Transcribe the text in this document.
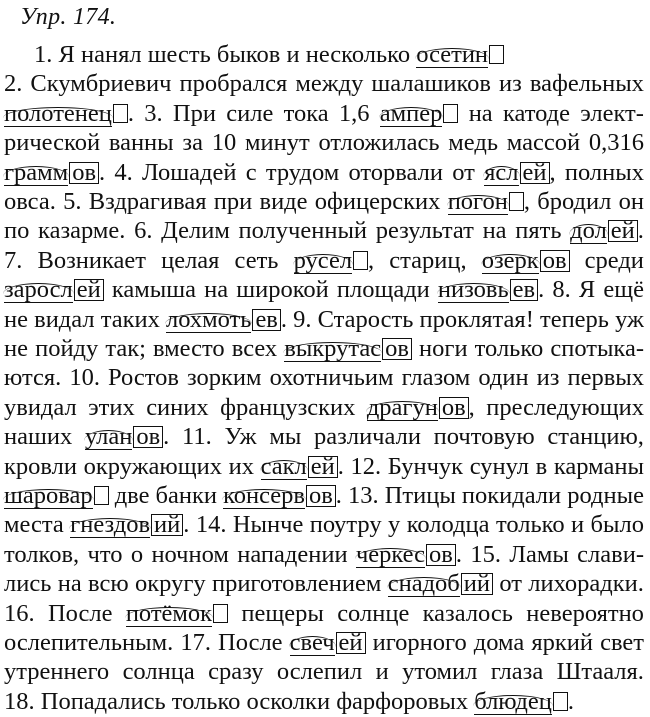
Упр. 174.
1. Я нанял шесть быков и несколько осетин
2. Скумбриевич пробрался между шалашиков из вафельных
полотенец . 3. При силе тока 1,6 ампер	на катоде элект-
рической ванны за 10 минут отложилась медь массой 0,316
грамм ов . 4. Лошадей с трудом оторвали от ясл ей , полных
овса. 5. Вздрагивая при виде офицерских погон , бродил он
по казарме. 6. Делим полученный результат на пять дол ей .
7. Возникает целая сеть русел , стариц, озерк ов среди
заросл ей камыша на широкой площади низовь ев . 8. Я ещё
не видал таких лохмоть ев . 9. Старость проклятая! теперь уж
не пойду так; вместо всех выкрутас ов ноги только спотыка-
ются. 10. Ростов зорким охотничьим глазом один из первых
увидал этих синих французских драгун ов , преследующих
наших улан ов . 11. Уж мы различали почтовую станцию,
кровли окружающих их сакл ей . 12. Бунчук сунул в карманы
шаровар две банки консерв ов . 13. Птицы покидали родные
места гнездов ий . 14. Нынче поутру у колодца только и было
толков, что о ночном нападении черкес ов . 15. Ламы слави-
лись на всю округу приготовлением снадоб ий от лихорадки.
16. После потёмок	пещеры солнце казалось невероятно
ослепительным. 17. После свеч ей игорного дома яркий свет
утреннего солнца сразу ослепил и утомил глаза Штааля.
18. Попадались только осколки фарфоровых блюдец .
